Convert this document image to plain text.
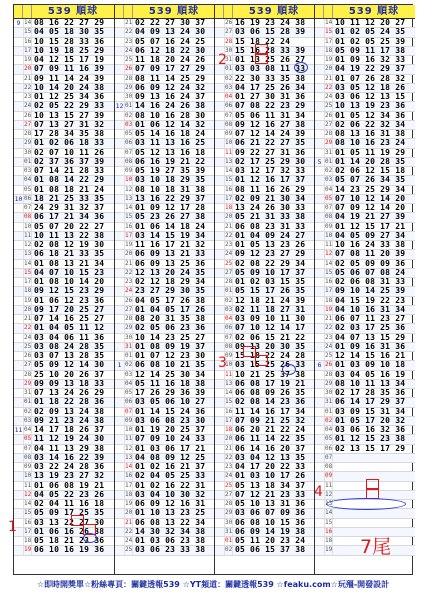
539 順球
9 14 08 16 22 27 29
15 04 05 18 30 35
16 10 15 28 33 36
17 10 19 18 25 29
19 04 12 15 17 19
20 07 09 11 16 39
21 09 11 14 24 39
22 10 14 20 24 38
23 01 12 25 34 36
24 02 05 22 29 33
26 10 13 15 27 39
27 07 13 27 31 32
28 17 28 34 35 38
29 01 02 06 18 33
30 02 07 10 11 26
01 02 37 36 37 39
03 07 14 21 28 33
04 01 08 14 22 29
05 01 08 18 21 24
10 06 18 21 25 33 35
07 24 29 31 32 37
08 06 17 21 34 36
10 05 07 20 22 27
11 10 11 13 22 38
12 02 08 12 19 30
13 06 18 21 33 35
14 01 08 13 21 34
15 04 07 10 15 23
17 01 08 10 14 20
18 09 12 15 23 29
19 01 06 12 23 36
20 09 17 20 25 27
21 07 14 16 25 27
22 01 04 05 11 12
24 03 04 06 11 36
25 03 08 24 28 35
26 03 07 13 28 35
27 05 09 12 14 30
28 25 10 20 26 37
29 09 09 13 18 33
31 07 13 24 26 29
01 01 18 22 28 36
02 02 09 13 24 38
03 09 21 23 24 38
11 04 14 17 18 26 37
05 11 12 19 24 30
07 04 11 13 29 38
08 03 14 16 22 39
09 03 22 24 28 36
10 13 19 23 27 32
11 01 06 08 19 21
12 04 05 22 23 26
14 02 04 11 16 18
15 05 09 17 25 35
16 03 13 22 27 30
17 01 06 16 26 38
18 05 18 21 23 36
19 06 10 16 19 36
539 順球
21 02 22 27 30 37
22 04 09 13 24 30
23 05 07 16 24 25
24 06 12 18 22 30
25 11 18 20 24 26
26 07 09 17 27 29
28 08 11 14 25 29
29 06 09 12 24 32
30 09 13 16 24 37
12 01 14 16 24 26 38
02 08 10 16 28 30
03 01 06 12 14 32
05 05 14 16 18 24
06 03 11 13 16 25
07 05 12 13 16 18
08 06 16 19 21 22
09 05 19 27 35 39
10 03 10 18 29 35
12 08 10 18 31 38
13 13 16 22 29 37
14 01 09 12 17 28
15 05 23 26 27 38
16 01 06 14 18 24
17 03 14 15 19 34
19 11 16 17 21 32
20 06 09 13 21 33
21 06 09 13 25 36
22 12 13 20 24 35
23 02 12 18 29 34
24 23 27 29 30 35
26 04 05 17 26 38
27 01 04 05 17 26
28 08 20 31 35 38
29 02 05 06 23 36
30 10 14 23 25 27
31 01 08 09 19 37
01 01 07 12 23 30
1 02 06 08 10 21 35
03 12 14 25 30 34
04 05 11 16 18 38
05 17 26 29 36 39
06 03 05 06 10 27
07 01 14 15 24 36
09 03 06 08 23 30
10 01 19 20 25 37
11 07 09 10 24 33
12 01 03 06 17 21
13 04 08 09 12 25
14 01 02 16 21 37
16 02 04 05 25 33
17 01 02 16 22 31
18 03 04 10 30 32
19 06 09 12 16 31
20 01 10 13 23 25
21 06 08 13 22 34
22 14 30 32 34 38
24 01 03 06 23 38
25 03 06 23 33 38
539 順球
26 16 19 23 24 38
27 03 06 15 28 39
28 15 18 22 24
30 15 16 28 33 39
31 01 13 25 26 27
01 03 03 08 11 33
02 22 30 33 35 38
03 04 17 25 26 34
04 01 27 30 31 36
06 07 08 22 23 29
07 05 06 11 31 34
08 09 12 16 27 38
09 07 12 14 24 39
10 06 21 22 27 35
11 09 22 27 31 36
13 02 17 25 29 30
14 03 12 17 32 33
15 01 12 16 17 37
16 08 11 16 26 29
17 02 09 21 30 34
18 13 24 26 30 33
20 05 21 31 33 38
21 06 08 23 31 33
22 01 04 09 24 27
23 01 05 13 23 26
24 09 12 23 27 29
25 02 08 22 29 34
27 05 09 10 17 37
28 01 02 03 15 35
01 05 15 17 26 35
02 12 18 21 24 39
03 02 11 18 27 31
04 03 09 10 11 30
06 07 10 12 14 17
07 02 06 15 21 22
08 09 13 20 30 35
09 15 18 22 24 28
10 03 15 25 26 33
11 10 21 25 37 38
13 06 08 17 19 21
14 06 08 09 26 35
15 02 08 14 23 36
16 11 14 16 17 34
17 07 09 21 25 32
18 06 20 21 22 24
20 06 11 14 22 35
21 06 14 16 20 37
22 03 04 12 13 35
23 04 17 20 22 33
24 01 03 10 17 26
25 05 13 18 34 37
27 07 12 21 23 33
28 05 10 13 31 36
29 03 06 07 09 36
30 06 08 10 15 36
31 06 09 14 19 38
01 05 11 20 23 24
02 05 06 15 37 38
539 順球
14 10 11 12 20 27
15 01 02 05 24 35
17 01 02 05 25 39
18 05 09 11 17 38
19 01 09 16 32 33
20 04 19 22 29 37
21 01 07 26 28 32
22 03 05 12 18 26
24 03 06 12 13 15
25 10 13 19 23 36
26 01 05 12 34 36
27 02 06 22 32 34
28 08 13 16 31 38
29 08 10 16 23 24
31 01 05 11 19 29
5 01 01 14 20 28 35
02 02 06 12 15 18
03 05 07 26 34 35
04 14 23 25 29 34
05 07 10 12 14 20
07 07 09 12 14 20
08 04 19 21 27 39
09 01 12 15 17 21
10 04 05 09 27 34
11 10 16 24 33 38
12 07 08 11 20 39
14 02 05 09 09 36
15 05 06 07 08 24
16 02 06 08 31 33
17 09 10 14 25 39
18 04 15 19 22 23
19 04 10 16 31 34
21 06 07 11 23 27
22 02 03 17 25 36
23 04 07 13 15 29
24 01 09 16 31 36
25 12 14 15 16 21
6 26 01 03 09 10 18
28 03 04 05 16 19
29 08 10 11 13 34
30 02 17 28 35 36
31 06 14 17 29 37
01 03 09 15 31 34
02 01 05 17 20 32
04 03 06 16 32 36
05 01 12 15 23 38
06 02 13 15 17 29
07
08
09
11
12
13
14
15
16
18
19
1
2
3
4
7尾
☆即時開獎單☆粉絲專頁：關鍵透報539 ☆YT頻道：關鍵透報539 ☆feaku.com☆玩殭-開發設計
